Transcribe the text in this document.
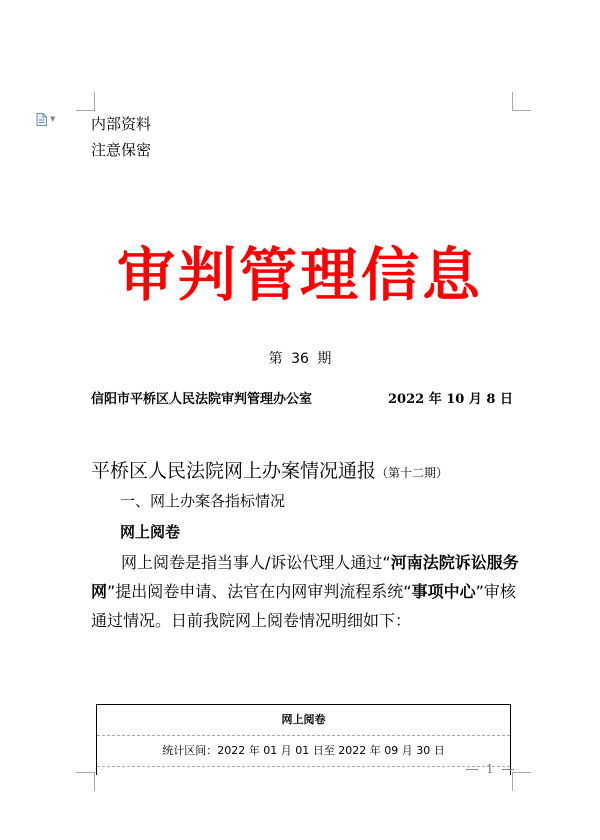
▼ 内部资料
注意保密
审判管理信息
第 36 期
信阳市平桥区人民法院审判管理办公室	2022 年 10 月 8 日
平桥区人民法院网上办案情况通报（第十二期）
一、网上办案各指标情况
网上阅卷

网上阅卷是指当事人/诉讼代理人通过“河南法院诉讼服务网”提出阅卷申请、法官在内网审判流程系统“事项中心”审核通过情况。日前我院网上阅卷情况明细如下：

网上阅卷
统计区间：2022 年 01 月 01 日至 2022 年 09 月 30 日
1
